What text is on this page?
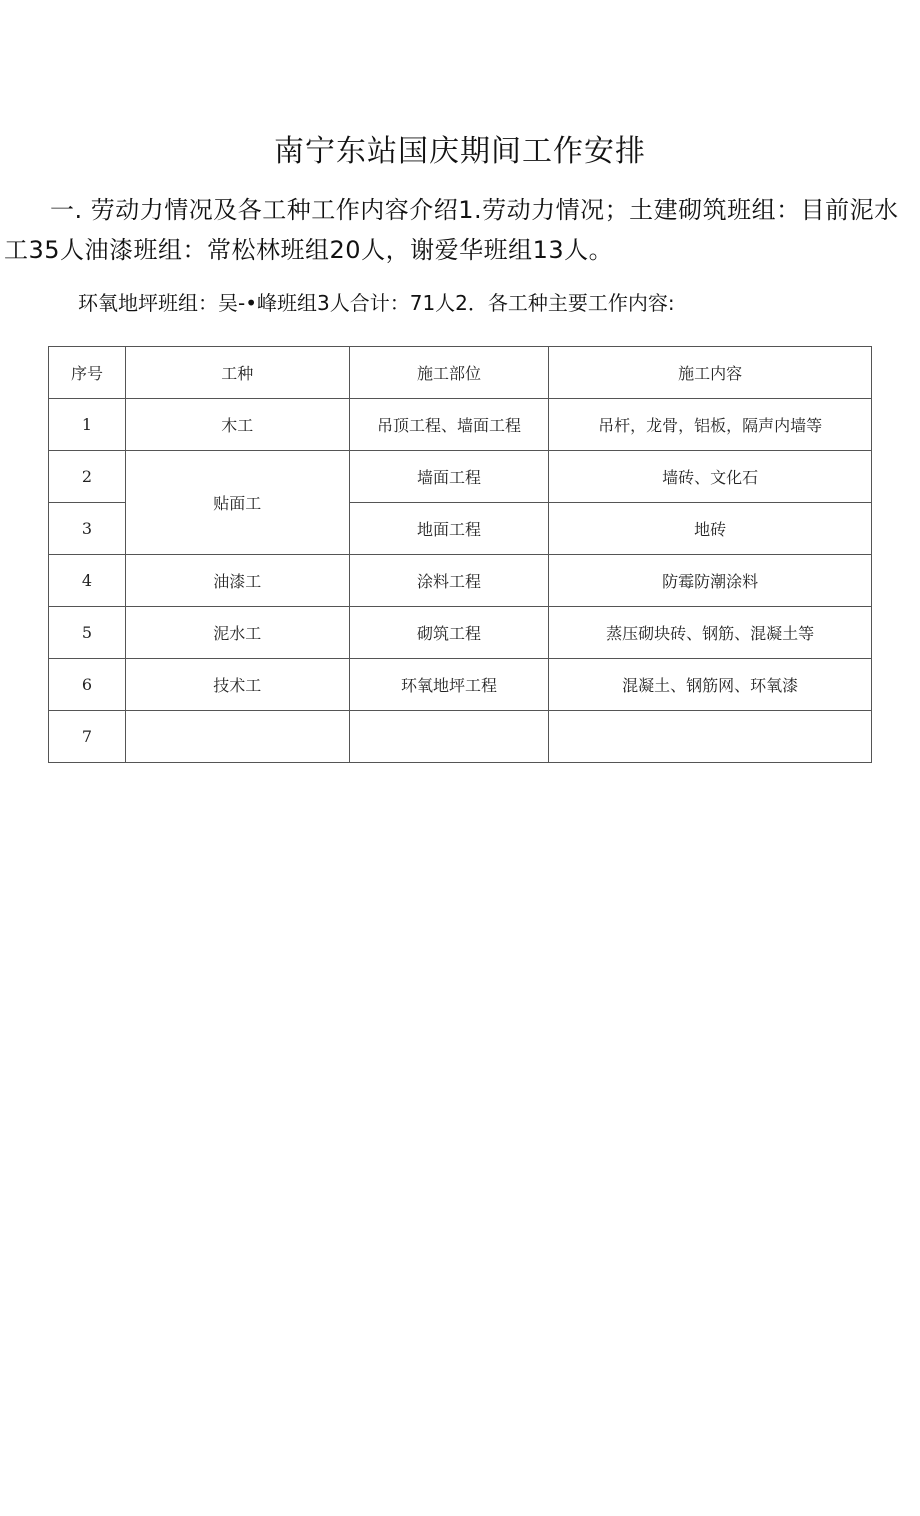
南宁东站国庆期间工作安排

一. 劳动力情况及各工种工作内容介绍1.劳动力情况；土建砌筑班组：目前泥水工35人油漆班组：常松林班组20人，谢爱华班组13人。

环氧地坪班组：吴-•峰班组3人合计：71人2．各工种主要工作内容:

序号	工种	施工部位	施工内容
1	木工	吊顶工程、墙面工程	吊杆，龙骨，铝板，隔声内墙等
2	贴面工	墙面工程	墙砖、文化石
3		地面工程	地砖
4	油漆工	涂料工程	防霉防潮涂料
5	泥水工	砌筑工程	蒸压砌块砖、钢筋、混凝土等
6	技术工	环氧地坪工程	混凝土、钢筋网、环氧漆
7			
